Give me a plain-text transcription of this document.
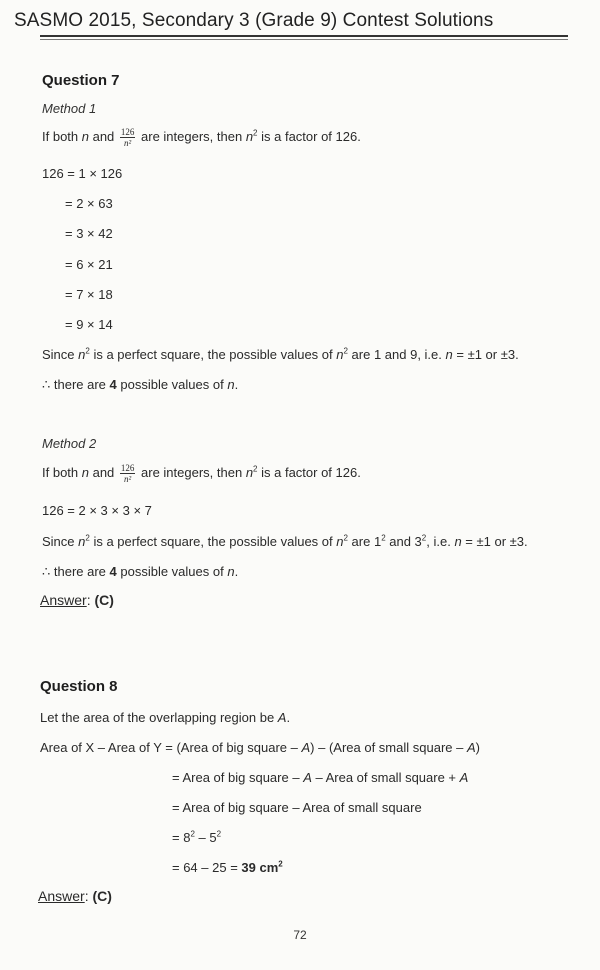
SASMO 2015, Secondary 3 (Grade 9) Contest Solutions
Question 7
Method 1
If both n and $\frac{126}{\text{n²}}$ are integers, then $n^2$ is a factor of 126.
126 = 1 × 126
= 2 × 63
= 3 × 42
= 6 × 21
= 7 × 18
= 9 × 14
Since $n^2$ is a perfect square, the possible values of $n^2$ are 1 and 9, i.e. n = ±1 or ±3.
∴ there are 4 possible values of n.
Method 2
If both n and $\frac{126}{\text{n²}}$ are integers, then $n^2$ is a factor of 126.
126 = 2 × 3 × 3 × 7
Since $n^2$ is a perfect square, the possible values of $n^2$ are $1^2$ and $3^2$, i.e. n = ±1 or ±3.
∴ there are 4 possible values of n.
Answer: (C)
Question 8
Let the area of the overlapping region be A.
Area of X – Area of Y = (Area of big square – A) – (Area of small square – A)
= Area of big square – A – Area of small square + A
= Area of big square – Area of small square
= $8^2 - 5^2$
= 64 – 25 = 39 $cm^2$
Answer: (C)
72
